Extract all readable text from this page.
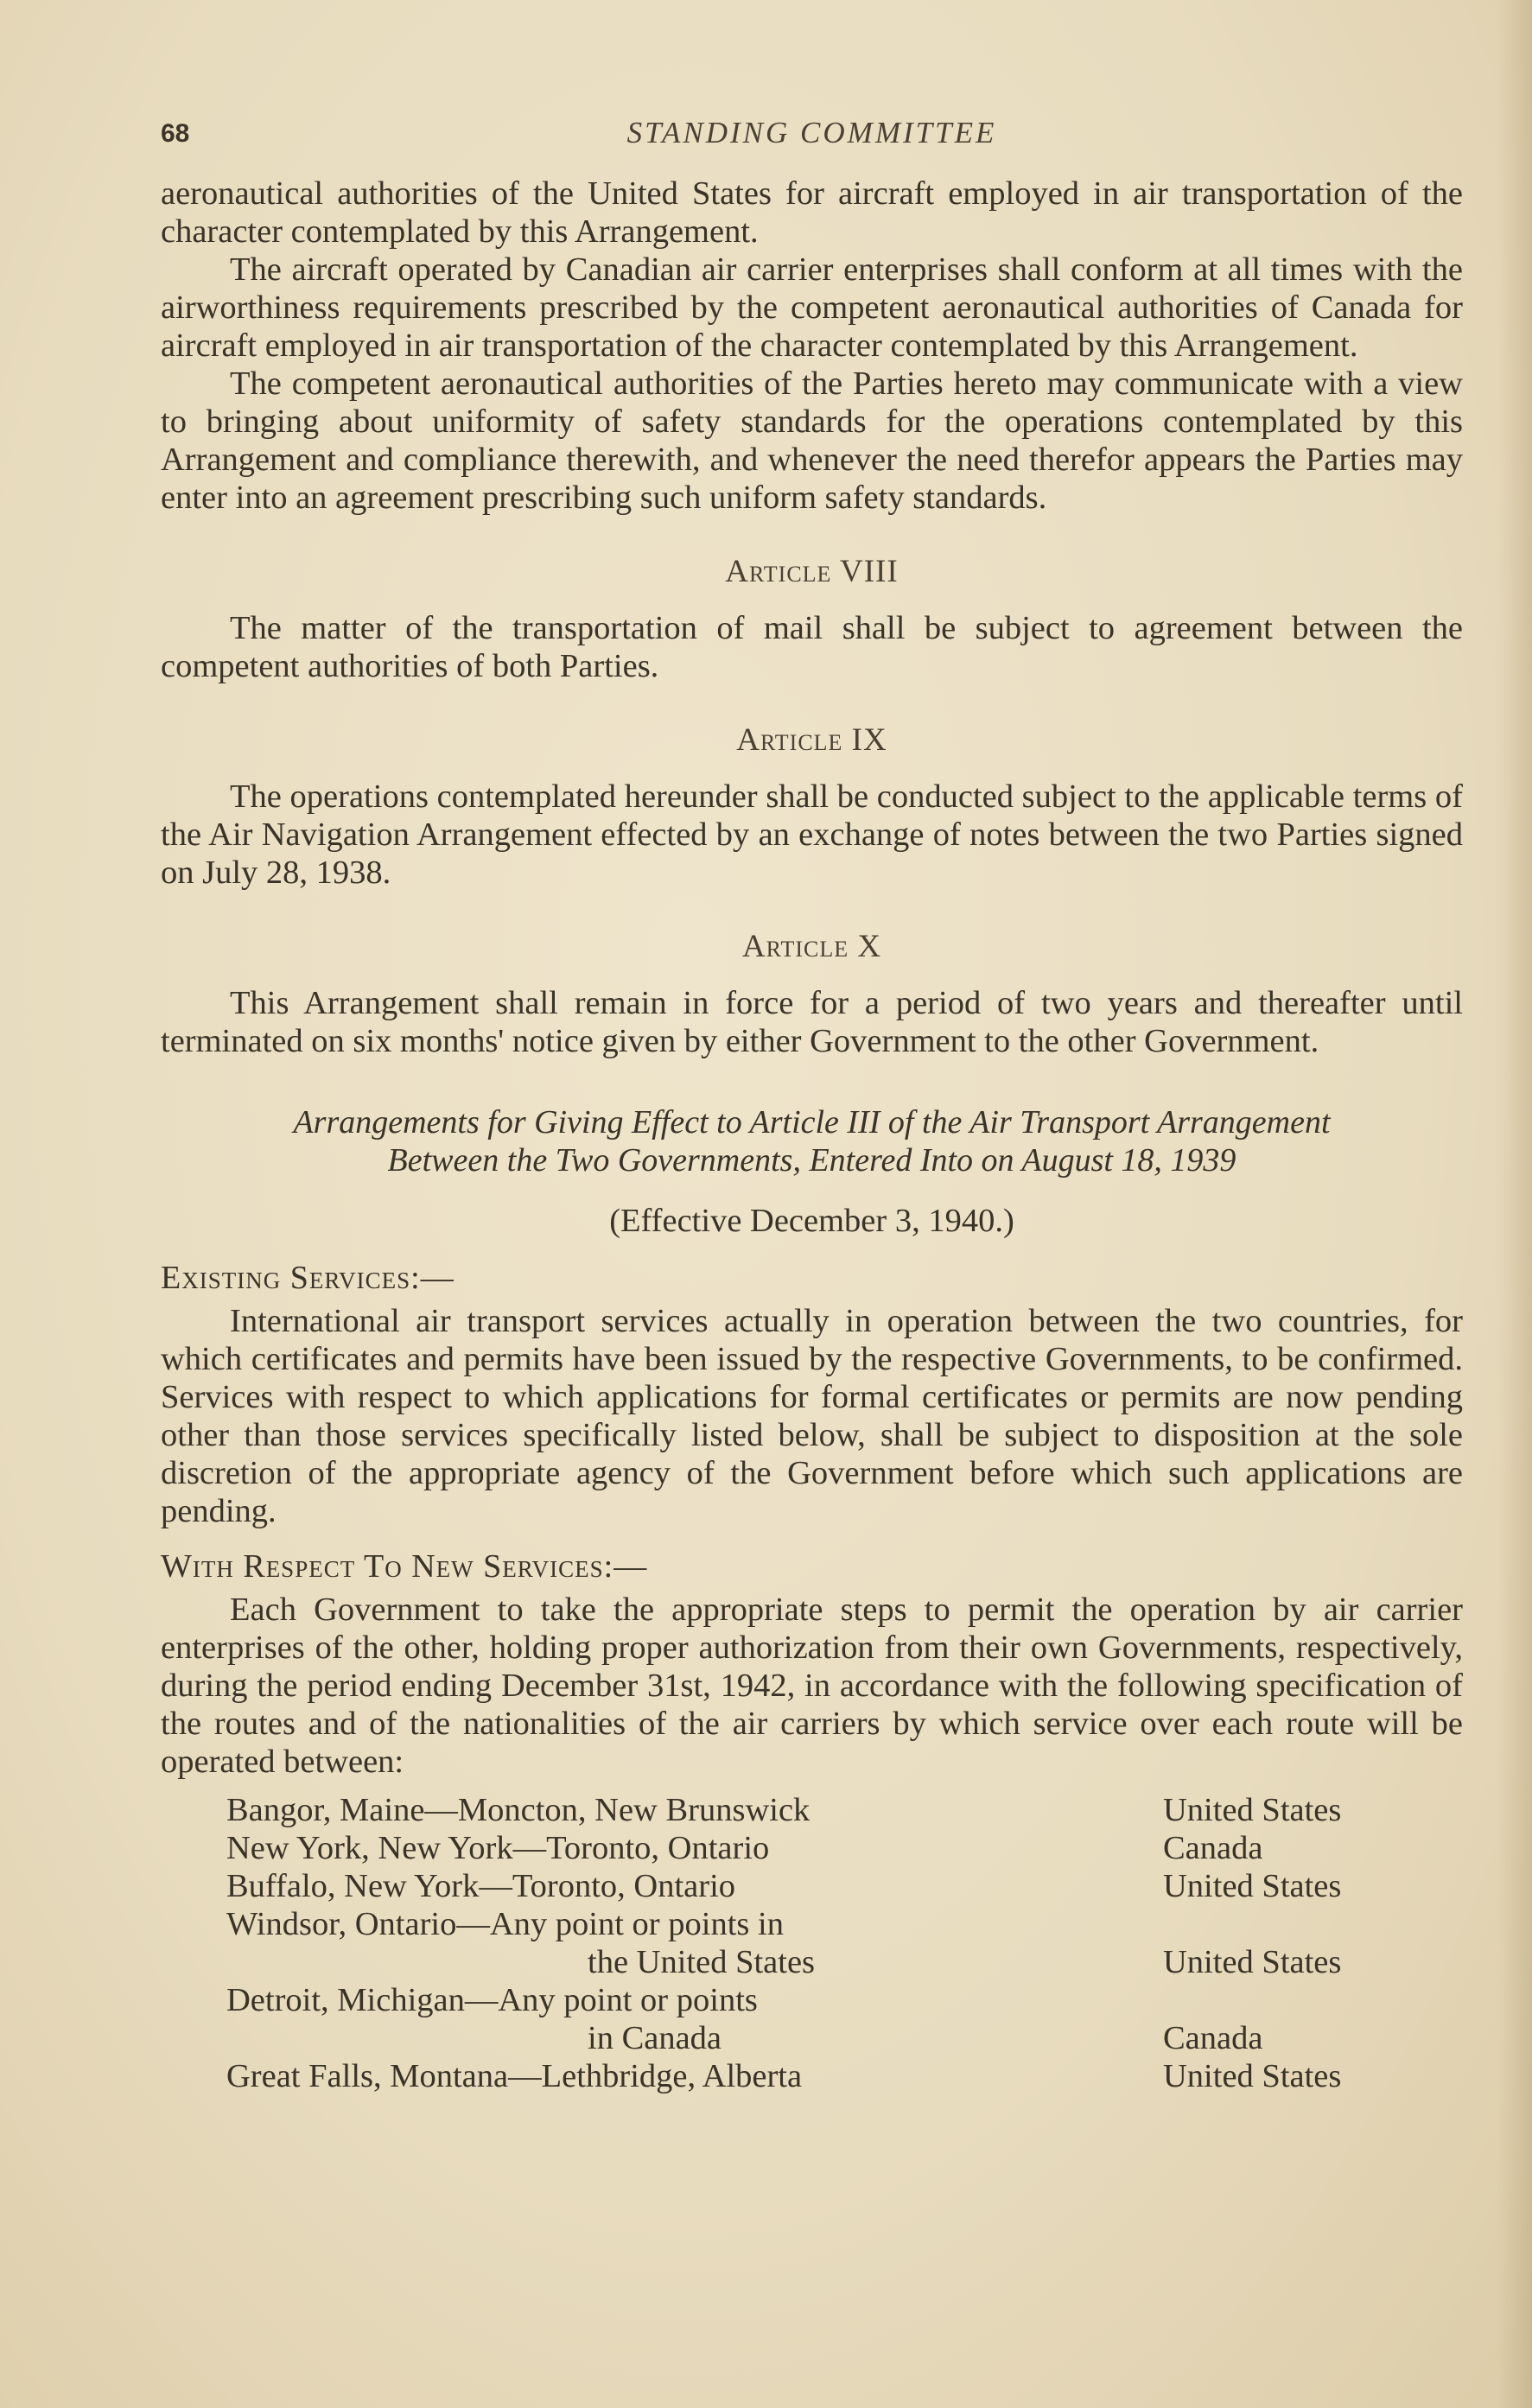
68	STANDING COMMITTEE

aeronautical authorities of the United States for aircraft employed in air transportation of the character contemplated by this Arrangement.

The aircraft operated by Canadian air carrier enterprises shall conform at all times with the airworthiness requirements prescribed by the competent aeronautical authorities of Canada for aircraft employed in air transportation of the character contemplated by this Arrangement.

The competent aeronautical authorities of the Parties hereto may communicate with a view to bringing about uniformity of safety standards for the operations contemplated by this Arrangement and compliance therewith, and whenever the need therefor appears the Parties may enter into an agreement prescribing such uniform safety standards.

Article VIII

The matter of the transportation of mail shall be subject to agreement between the competent authorities of both Parties.

Article IX

The operations contemplated hereunder shall be conducted subject to the applicable terms of the Air Navigation Arrangement effected by an exchange of notes between the two Parties signed on July 28, 1938.

Article X

This Arrangement shall remain in force for a period of two years and thereafter until terminated on six months' notice given by either Government to the other Government.

Arrangements for Giving Effect to Article III of the Air Transport Arrangement
Between the Two Governments, Entered Into on August 18, 1939
(Effective December 3, 1940.)
Existing Services:—

International air transport services actually in operation between the two countries, for which certificates and permits have been issued by the respective Governments, to be confirmed. Services with respect to which applications for formal certificates or permits are now pending other than those services specifically listed below, shall be subject to disposition at the sole discretion of the appropriate agency of the Government before which such applications are pending.

With Respect To New Services:—

Each Government to take the appropriate steps to permit the operation by air carrier enterprises of the other, holding proper authorization from their own Governments, respectively, during the period ending December 31st, 1942, in accordance with the following specification of the routes and of the nationalities of the air carriers by which service over each route will be operated between:

Bangor, Maine—Moncton, New Brunswick	United States
New York, New York—Toronto, Ontario	Canada
Buffalo, New York—Toronto, Ontario	United States
Windsor, Ontario—Any point or points in
the United States	United States
Detroit, Michigan—Any point or points
in Canada	Canada
Great Falls, Montana—Lethbridge, Alberta	United States
